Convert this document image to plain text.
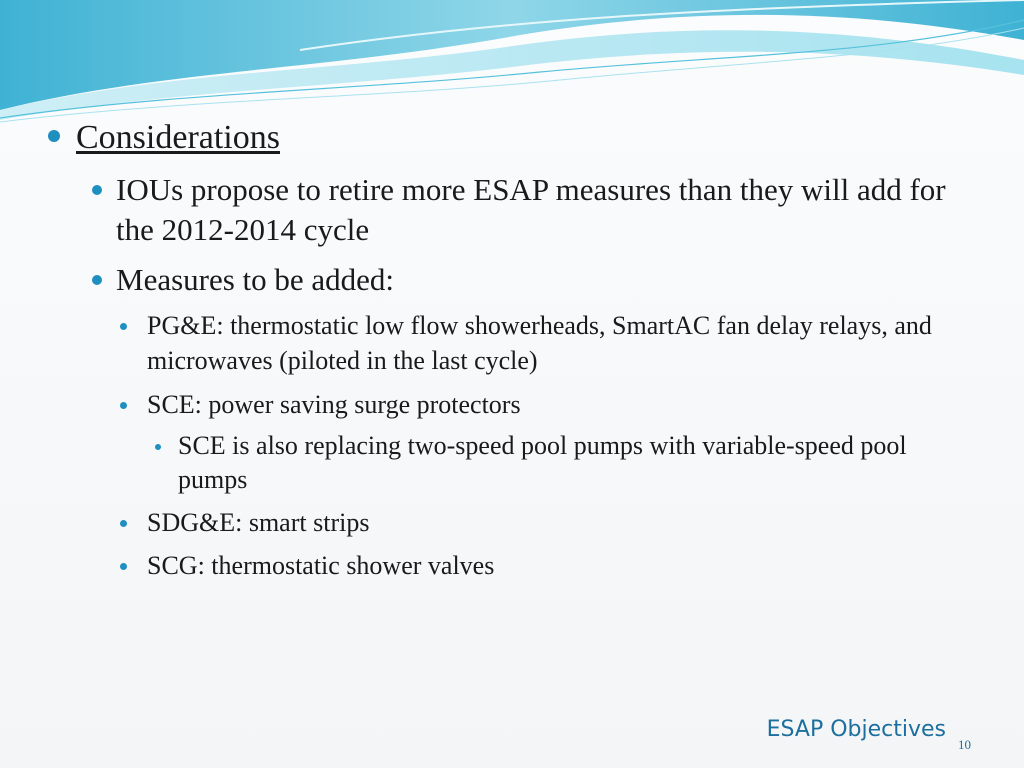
Considerations
IOUs propose to retire more ESAP measures than they will add for the 2012-2014 cycle
Measures to be added:
PG&E: thermostatic low flow showerheads, SmartAC fan delay relays, and microwaves (piloted in the last cycle)
SCE: power saving surge protectors
SCE is also replacing two-speed pool pumps with variable-speed pool pumps
SDG&E: smart strips
SCG: thermostatic shower valves
ESAP Objectives
10
